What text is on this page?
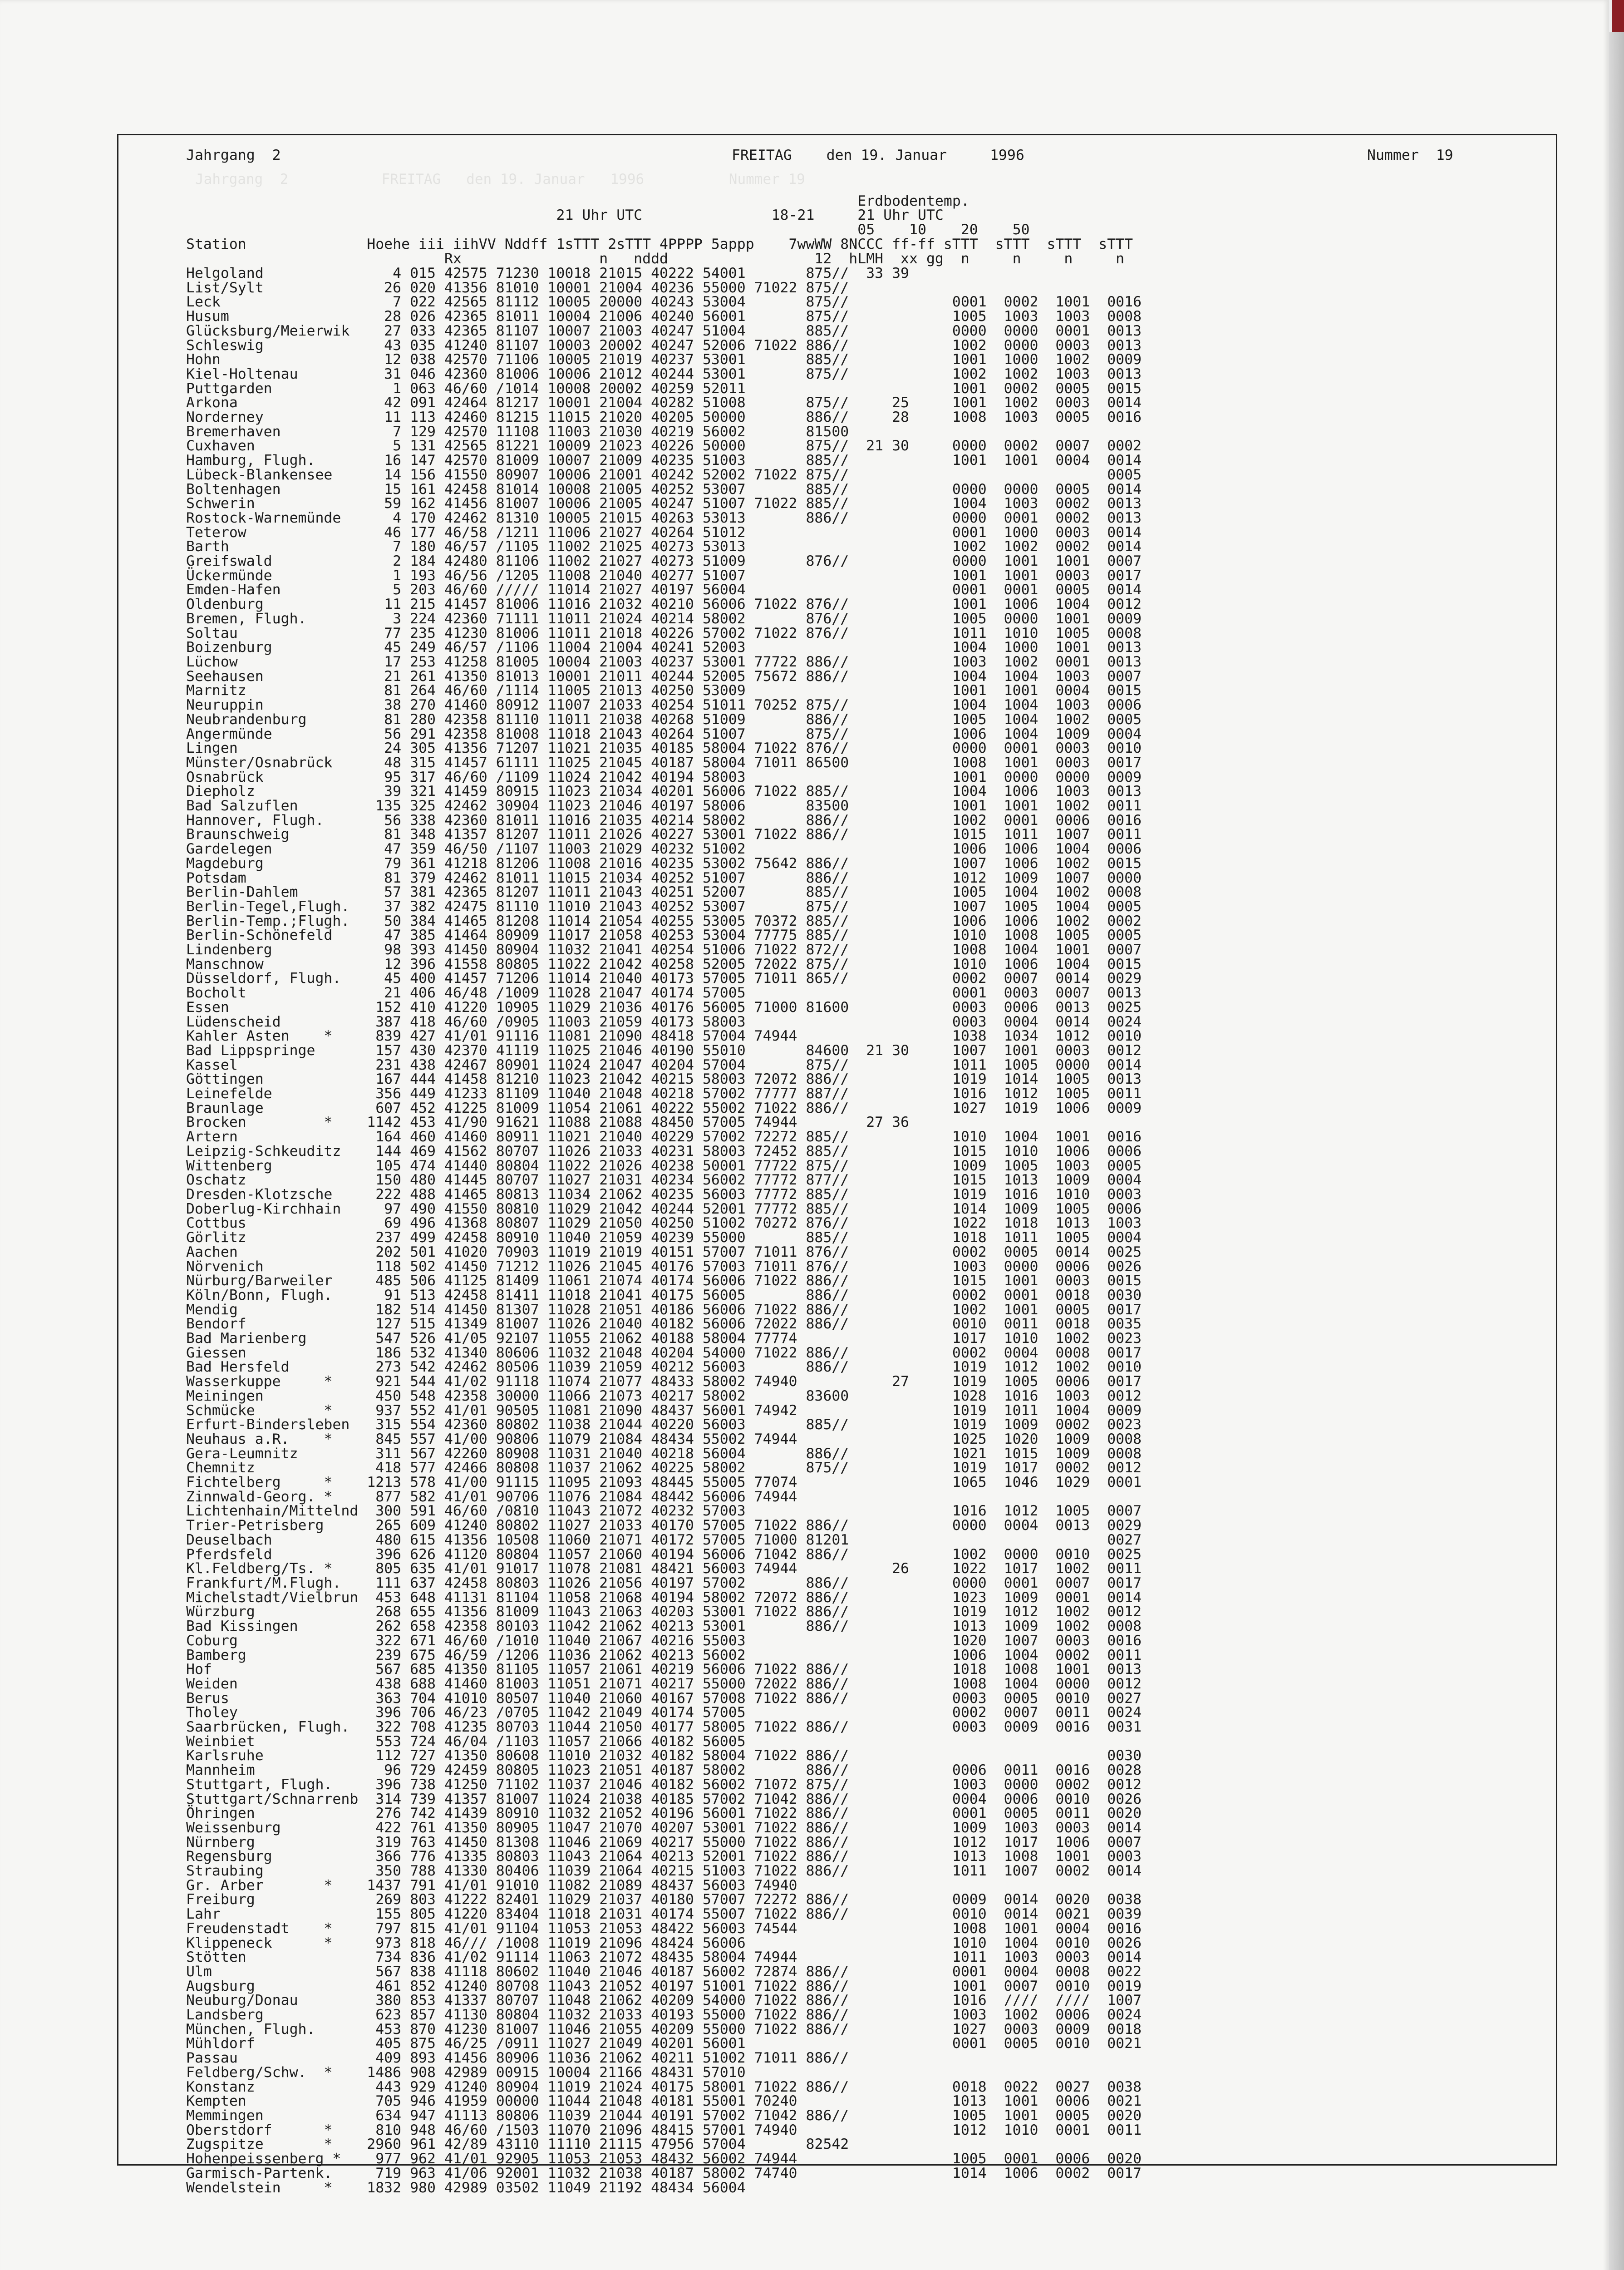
Jahrgang  2           FREITAG   den 19. Januar   1996          Nummer 19
Jahrgang  2	FREITAG    den 19. Januar     1996	Nummer  19

Erdbodentemp.
21 Uhr UTC               18-21     21 Uhr UTC
05    10    20    50
Station              Hoehe iii iihVV Nddff 1sTTT 2sTTT 4PPPP 5appp    7wwWW 8NCCC ff-ff sTTT  sTTT  sTTT  sTTT
Rx                n   nddd                 12  hLMH  xx gg  n     n     n     n

Helgoland               4 015 42575 71230 10018 21015 40222 54001       875//  33 39
List/Sylt              26 020 41356 81010 10001 21004 40236 55000 71022 875//
Leck                    7 022 42565 81112 10005 20000 40243 53004       875//            0001  0002  1001  0016
Husum                  28 026 42365 81011 10004 21006 40240 56001       875//            1005  1003  1003  0008
Glücksburg/Meierwik    27 033 42365 81107 10007 21003 40247 51004       885//            0000  0000  0001  0013
Schleswig              43 035 41240 81107 10003 20002 40247 52006 71022 886//            1002  0000  0003  0013
Hohn                   12 038 42570 71106 10005 21019 40237 53001       885//            1001  1000  1002  0009
Kiel-Holtenau          31 046 42360 81006 10006 21012 40244 53001       875//            1002  1002  1003  0013
Puttgarden              1 063 46/60 /1014 10008 20002 40259 52011                        1001  0002  0005  0015
Arkona                 42 091 42464 81217 10001 21004 40282 51008       875//     25     1001  1002  0003  0014
Norderney              11 113 42460 81215 11015 21020 40205 50000       886//     28     1008  1003  0005  0016
Bremerhaven             7 129 42570 11108 11003 21030 40219 56002       81500
Cuxhaven                5 131 42565 81221 10009 21023 40226 50000       875//  21 30     0000  0002  0007  0002
Hamburg, Flugh.        16 147 42570 81009 10007 21009 40235 51003       885//            1001  1001  0004  0014
Lübeck-Blankensee      14 156 41550 80907 10006 21001 40242 52002 71022 875//                              0005
Boltenhagen            15 161 42458 81014 10008 21005 40252 53007       885//            0000  0000  0005  0014
Schwerin               59 162 41456 81007 10006 21005 40247 51007 71022 885//            1004  1003  0002  0013
Rostock-Warnemünde      4 170 42462 81310 10005 21015 40263 53013       886//            0000  0001  0002  0013
Teterow                46 177 46/58 /1211 11006 21027 40264 51012                        0001  1000  0003  0014
Barth                   7 180 46/57 /1105 11002 21025 40273 53013                        1002  1002  0002  0014
Greifswald              2 184 42480 81106 11002 21027 40273 51009       876//            0000  1001  1001  0007
Ückermünde              1 193 46/56 /1205 11008 21040 40277 51007                        1001  1001  0003  0017
Emden-Hafen             5 203 46/60 ///// 11014 21027 40197 56004                        0001  0001  0005  0014
Oldenburg              11 215 41457 81006 11016 21032 40210 56006 71022 876//            1001  1006  1004  0012
Bremen, Flugh.          3 224 42360 71111 11011 21024 40214 58002       876//            1005  0000  1001  0009
Soltau                 77 235 41230 81006 11011 21018 40226 57002 71022 876//            1011  1010  1005  0008
Boizenburg             45 249 46/57 /1106 11004 21004 40241 52003                        1004  1000  1001  0013
Lüchow                 17 253 41258 81005 10004 21003 40237 53001 77722 886//            1003  1002  0001  0013
Seehausen              21 261 41350 81013 10001 21011 40244 52005 75672 886//            1004  1004  1003  0007
Marnitz                81 264 46/60 /1114 11005 21013 40250 53009                        1001  1001  0004  0015
Neuruppin              38 270 41460 80912 11007 21033 40254 51011 70252 875//            1004  1004  1003  0006
Neubrandenburg         81 280 42358 81110 11011 21038 40268 51009       886//            1005  1004  1002  0005
Angermünde             56 291 42358 81008 11018 21043 40264 51007       875//            1006  1004  1009  0004
Lingen                 24 305 41356 71207 11021 21035 40185 58004 71022 876//            0000  0001  0003  0010
Münster/Osnabrück      48 315 41457 61111 11025 21045 40187 58004 71011 86500            1008  1001  0003  0017
Osnabrück              95 317 46/60 /1109 11024 21042 40194 58003                        1001  0000  0000  0009
Diepholz               39 321 41459 80915 11023 21034 40201 56006 71022 885//            1004  1006  1003  0013
Bad Salzuflen         135 325 42462 30904 11023 21046 40197 58006       83500            1001  1001  1002  0011
Hannover, Flugh.       56 338 42360 81011 11016 21035 40214 58002       886//            1002  0001  0006  0016
Braunschweig           81 348 41357 81207 11011 21026 40227 53001 71022 886//            1015  1011  1007  0011
Gardelegen             47 359 46/50 /1107 11003 21029 40232 51002                        1006  1006  1004  0006
Magdeburg              79 361 41218 81206 11008 21016 40235 53002 75642 886//            1007  1006  1002  0015
Potsdam                81 379 42462 81011 11015 21034 40252 51007       886//            1012  1009  1007  0000
Berlin-Dahlem          57 381 42365 81207 11011 21043 40251 52007       885//            1005  1004  1002  0008
Berlin-Tegel,Flugh.    37 382 42475 81110 11010 21043 40252 53007       875//            1007  1005  1004  0005
Berlin-Temp.;Flugh.    50 384 41465 81208 11014 21054 40255 53005 70372 885//            1006  1006  1002  0002
Berlin-Schönefeld      47 385 41464 80909 11017 21058 40253 53004 77775 885//            1010  1008  1005  0005
Lindenberg             98 393 41450 80904 11032 21041 40254 51006 71022 872//            1008  1004  1001  0007
Manschnow              12 396 41558 80805 11022 21042 40258 52005 72022 875//            1010  1006  1004  0015
Düsseldorf, Flugh.     45 400 41457 71206 11014 21040 40173 57005 71011 865//            0002  0007  0014  0029
Bocholt                21 406 46/48 /1009 11028 21047 40174 57005                        0001  0003  0007  0013
Essen                 152 410 41220 10905 11029 21036 40176 56005 71000 81600            0003  0006  0013  0025
Lüdenscheid           387 418 46/60 /0905 11003 21059 40173 58003                        0003  0004  0014  0024
Kahler Asten    *     839 427 41/01 91116 11081 21090 48418 57004 74944                  1038  1034  1012  0010
Bad Lippspringe       157 430 42370 41119 11025 21046 40190 55010       84600  21 30     1007  1001  0003  0012
Kassel                231 438 42467 80901 11024 21047 40204 57004       875//            1011  1005  0000  0014
Göttingen             167 444 41458 81210 11023 21042 40215 58003 72072 886//            1019  1014  1005  0013
Leinefelde            356 449 41233 81109 11040 21048 40218 57002 77777 887//            1016  1012  1005  0011
Braunlage             607 452 41225 81009 11054 21061 40222 55002 71022 886//            1027  1019  1006  0009
Brocken         *    1142 453 41/90 91621 11088 21088 48450 57005 74944        27 36
Artern                164 460 41460 80911 11021 21040 40229 57002 72272 885//            1010  1004  1001  0016
Leipzig-Schkeuditz    144 469 41562 80707 11026 21033 40231 58003 72452 885//            1015  1010  1006  0006
Wittenberg            105 474 41440 80804 11022 21026 40238 50001 77722 875//            1009  1005  1003  0005
Oschatz               150 480 41445 80707 11027 21031 40234 56002 77772 877//            1015  1013  1009  0004
Dresden-Klotzsche     222 488 41465 80813 11034 21062 40235 56003 77772 885//            1019  1016  1010  0003
Doberlug-Kirchhain     97 490 41550 80810 11029 21042 40244 52001 77772 885//            1014  1009  1005  0006
Cottbus                69 496 41368 80807 11029 21050 40250 51002 70272 876//            1022  1018  1013  1003
Görlitz               237 499 42458 80910 11040 21059 40239 55000       885//            1018  1011  1005  0004
Aachen                202 501 41020 70903 11019 21019 40151 57007 71011 876//            0002  0005  0014  0025
Nörvenich             118 502 41450 71212 11026 21045 40176 57003 71011 876//            1003  0000  0006  0026
Nürburg/Barweiler     485 506 41125 81409 11061 21074 40174 56006 71022 886//            1015  1001  0003  0015
Köln/Bonn, Flugh.      91 513 42458 81411 11018 21041 40175 56005       886//            0002  0001  0018  0030
Mendig                182 514 41450 81307 11028 21051 40186 56006 71022 886//            1002  1001  0005  0017
Bendorf               127 515 41349 81007 11026 21040 40182 56006 72022 886//            0010  0011  0018  0035
Bad Marienberg        547 526 41/05 92107 11055 21062 40188 58004 77774                  1017  1010  1002  0023
Giessen               186 532 41340 80606 11032 21048 40204 54000 71022 886//            0002  0004  0008  0017
Bad Hersfeld          273 542 42462 80506 11039 21059 40212 56003       886//            1019  1012  1002  0010
Wasserkuppe     *     921 544 41/02 91118 11074 21077 48433 58002 74940           27     1019  1005  0006  0017
Meiningen             450 548 42358 30000 11066 21073 40217 58002       83600            1028  1016  1003  0012
Schmücke        *     937 552 41/01 90505 11081 21090 48437 56001 74942                  1019  1011  1004  0009
Erfurt-Bindersleben   315 554 42360 80802 11038 21044 40220 56003       885//            1019  1009  0002  0023
Neuhaus a.R.    *     845 557 41/00 90806 11079 21084 48434 55002 74944                  1025  1020  1009  0008
Gera-Leumnitz         311 567 42260 80908 11031 21040 40218 56004       886//            1021  1015  1009  0008
Chemnitz              418 577 42466 80808 11037 21062 40225 58002       875//            1019  1017  0002  0012
Fichtelberg     *    1213 578 41/00 91115 11095 21093 48445 55005 77074                  1065  1046  1029  0001
Zinnwald-Georg. *     877 582 41/01 90706 11076 21084 48442 56006 74944
Lichtenhain/Mittelnd  300 591 46/60 /0810 11043 21072 40232 57003                        1016  1012  1005  0007
Trier-Petrisberg      265 609 41240 80802 11027 21033 40170 57005 71022 886//            0000  0004  0013  0029
Deuselbach            480 615 41356 10508 11060 21071 40172 57005 71000 81201                              0027
Pferdsfeld            396 626 41120 80804 11057 21060 40194 56006 71042 886//            1002  0000  0010  0025
Kl.Feldberg/Ts. *     805 635 41/01 91017 11078 21081 48421 56003 74944           26     1022  1017  1002  0011
Frankfurt/M.Flugh.    111 637 42458 80803 11026 21056 40197 57002       886//            0000  0001  0007  0017
Michelstadt/Vielbrun  453 648 41131 81104 11058 21068 40194 58002 72072 886//            1023  1009  0001  0014
Würzburg              268 655 41356 81009 11043 21063 40203 53001 71022 886//            1019  1012  1002  0012
Bad Kissingen         262 658 42358 80103 11042 21062 40213 53001       886//            1013  1009  1002  0008
Coburg                322 671 46/60 /1010 11040 21067 40216 55003                        1020  1007  0003  0016
Bamberg               239 675 46/59 /1206 11036 21062 40213 56002                        1006  1004  0002  0011
Hof                   567 685 41350 81105 11057 21061 40219 56006 71022 886//            1018  1008  1001  0013
Weiden                438 688 41460 81003 11051 21071 40217 55000 72022 886//            1008  1004  0000  0012
Berus                 363 704 41010 80507 11040 21060 40167 57008 71022 886//            0003  0005  0010  0027
Tholey                396 706 46/23 /0705 11042 21049 40174 57005                        0002  0007  0011  0024
Saarbrücken, Flugh.   322 708 41235 80703 11044 21050 40177 58005 71022 886//            0003  0009  0016  0031
Weinbiet              553 724 46/04 /1103 11057 21066 40182 56005
Karlsruhe             112 727 41350 80608 11010 21032 40182 58004 71022 886//                              0030
Mannheim               96 729 42459 80805 11023 21051 40187 58002       886//            0006  0011  0016  0028
Stuttgart, Flugh.     396 738 41250 71102 11037 21046 40182 56002 71072 875//            1003  0000  0002  0012
Stuttgart/Schnarrenb  314 739 41357 81007 11024 21038 40185 57002 71042 886//            0004  0006  0010  0026
Öhringen              276 742 41439 80910 11032 21052 40196 56001 71022 886//            0001  0005  0011  0020
Weissenburg           422 761 41350 80905 11047 21070 40207 53001 71022 886//            1009  1003  0003  0014
Nürnberg              319 763 41450 81308 11046 21069 40217 55000 71022 886//            1012  1017  1006  0007
Regensburg            366 776 41335 80803 11043 21064 40213 52001 71022 886//            1013  1008  1001  0003
Straubing             350 788 41330 80406 11039 21064 40215 51003 71022 886//            1011  1007  0002  0014
Gr. Arber       *    1437 791 41/01 91010 11082 21089 48437 56003 74940
Freiburg              269 803 41222 82401 11029 21037 40180 57007 72272 886//            0009  0014  0020  0038
Lahr                  155 805 41220 83404 11018 21031 40174 55007 71022 886//            0010  0014  0021  0039
Freudenstadt    *     797 815 41/01 91104 11053 21053 48422 56003 74544                  1008  1001  0004  0016
Klippeneck      *     973 818 46/// /1008 11019 21096 48424 56006                        1010  1004  0010  0026
Stötten               734 836 41/02 91114 11063 21072 48435 58004 74944                  1011  1003  0003  0014
Ulm                   567 838 41118 80602 11040 21046 40187 56002 72874 886//            0001  0004  0008  0022
Augsburg              461 852 41240 80708 11043 21052 40197 51001 71022 886//            1001  0007  0010  0019
Neuburg/Donau         380 853 41337 80707 11048 21062 40209 54000 71022 886//            1016  ////  ////  1007
Landsberg             623 857 41130 80804 11032 21033 40193 55000 71022 886//            1003  1002  0006  0024
München, Flugh.       453 870 41230 81007 11046 21055 40209 55000 71022 886//            1027  0003  0009  0018
Mühldorf              405 875 46/25 /0911 11027 21049 40201 56001                        0001  0005  0010  0021
Passau                409 893 41456 80906 11036 21062 40211 51002 71011 886//
Feldberg/Schw.  *    1486 908 42989 00915 10004 21166 48431 57010
Konstanz              443 929 41240 80904 11019 21024 40175 58001 71022 886//            0018  0022  0027  0038
Kempten               705 946 41959 00000 11044 21048 40181 55001 70240                  1013  1001  0006  0021
Memmingen             634 947 41113 80806 11039 21044 40191 57002 71042 886//            1005  1001  0005  0020
Oberstdorf      *     810 948 46/60 /1503 11070 21096 48415 57001 74940                  1012  1010  0001  0011
Zugspitze       *    2960 961 42/89 43110 11110 21115 47956 57004       82542
Hohenpeissenberg *    977 962 41/01 92905 11053 21053 48432 56002 74944                  1005  0001  0006  0020
Garmisch-Partenk.     719 963 41/06 92001 11032 21038 40187 58002 74740                  1014  1006  0002  0017
Wendelstein     *    1832 980 42989 03502 11049 21192 48434 56004
